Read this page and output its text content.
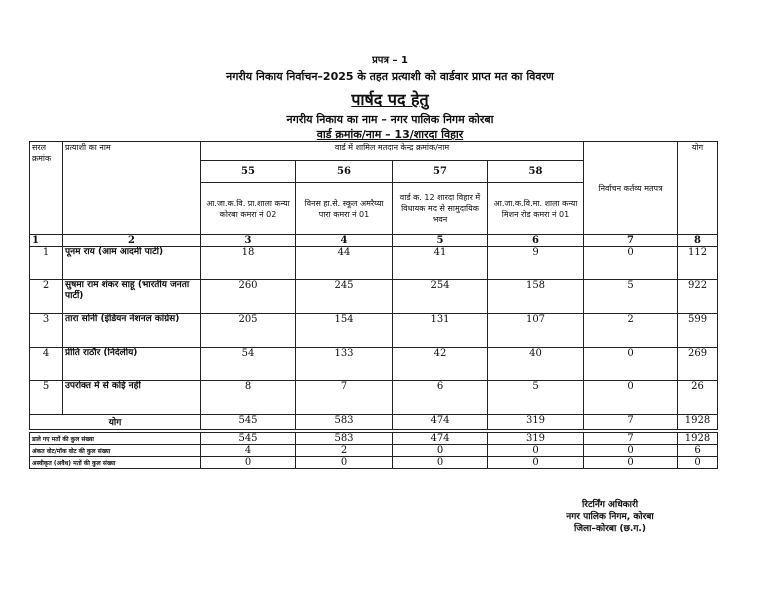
प्रपत्र – 1
नगरीय निकाय निर्वाचन–2025 के तहत प्रत्याशी को वार्डवार प्राप्त मत का विवरण
पार्षद पद हेतु
नगरीय निकाय का नाम – नगर पालिक निगम कोरबा
वार्ड क्रमांक/नाम – 13/शारदा विहार
सरल क्रमांक	प्रत्याशी का नाम	वार्ड में शामिल मतदान केन्द्र क्रमांक/नाम				निर्वाचन कर्तव्य मतपत्र	योग
		55	56	57	58		
		आ.जा.क.वि. प्रा.शाला कन्या कोरबा कमरा नं 02	विनस हा.से. स्कूल अमरैय्या पारा कमरा नं 01	वार्ड क. 12 शारदा विहार में विधायक मद से सामुदायिक भवन	आ.जा.क.वि.मा. शाला कन्या मिशन रोड कमरा नं 01		
1	2	3	4	5	6	7	8
1	पूनम राय (आम आदमी पार्टी)	18	44	41	9	0	112
2	सुषमा राम शंकर साहू (भारतीय जनता पार्टी)	260	245	254	158	5	922
3	तारा सोनी (इंडियन नेशनल कांग्रेस)	205	154	131	107	2	599
4	प्रीति राठौर (निर्दलीय)	54	133	42	40	0	269
5	उपरोक्त में से कोई नहीं	8	7	6	5	0	26
योग		545	583	474	319	7	1928
डाले गए मतों की कुल संख्या	545	583	474	319	7	1928
अंकत वोट/मॉक वोट की कुल संख्या	4	2	0	0	0	6
अस्वीकृत (अवैध) मतों की कुल संख्या	0	0	0	0	0	0
रिटर्निंग अधिकारी
नगर पालिक निगम, कोरबा
जिला–कोरबा (छ.ग.)
